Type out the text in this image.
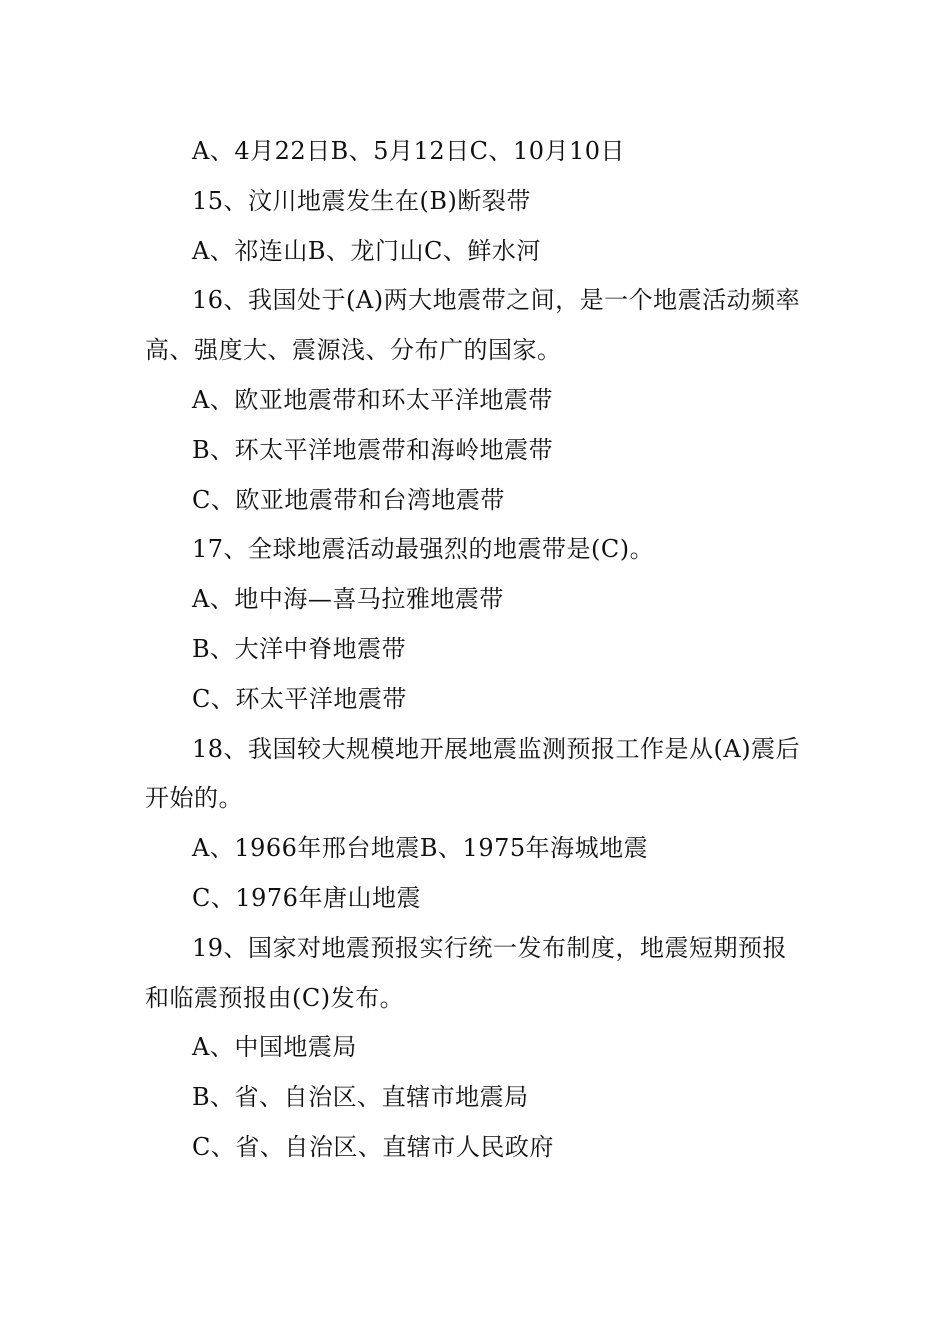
A、4月22日B、5月12日C、10月10日
15、汶川地震发生在(B)断裂带
A、祁连山B、龙门山C、鲜水河
16、我国处于(A)两大地震带之间，是一个地震活动频率
高、强度大、震源浅、分布广的国家。
A、欧亚地震带和环太平洋地震带
B、环太平洋地震带和海岭地震带
C、欧亚地震带和台湾地震带
17、全球地震活动最强烈的地震带是(C)。
A、地中海—喜马拉雅地震带
B、大洋中脊地震带
C、环太平洋地震带
18、我国较大规模地开展地震监测预报工作是从(A)震后
开始的。
A、1966年邢台地震B、1975年海城地震
C、1976年唐山地震
19、国家对地震预报实行统一发布制度，地震短期预报
和临震预报由(C)发布。
A、中国地震局
B、省、自治区、直辖市地震局
C、省、自治区、直辖市人民政府
